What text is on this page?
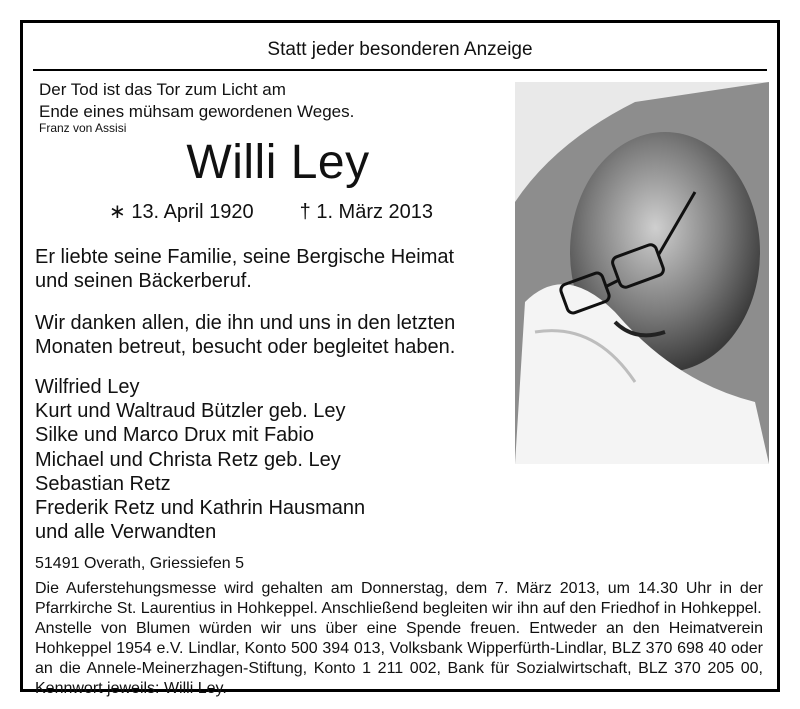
Statt jeder besonderen Anzeige
Der Tod ist das Tor zum Licht am
Ende eines mühsam gewordenen Weges.
Franz von Assisi
Willi Ley
∗ 13. April 1920 † 1. März 2013
Er liebte seine Familie, seine Bergische Heimat
und seinen Bäckerberuf.
Wir danken allen, die ihn und uns in den letzten
Monaten betreut, besucht oder begleitet haben.
Wilfried Ley
Kurt und Waltraud Bützler geb. Ley
Silke und Marco Drux mit Fabio
Michael und Christa Retz geb. Ley
Sebastian Retz
Frederik Retz und Kathrin Hausmann
und alle Verwandten
51491 Overath, Griessiefen 5
Die Auferstehungsmesse wird gehalten am Donnerstag, dem 7. März 2013, um 14.30 Uhr in der Pfarrkirche St. Laurentius in Hohkeppel. Anschließend begleiten wir ihn auf den Friedhof in Hohkeppel.
Anstelle von Blumen würden wir uns über eine Spende freuen. Entweder an den Heimatverein Hohkeppel 1954 e.V. Lindlar, Konto 500 394 013, Volksbank Wipperfürth-Lindlar, BLZ 370 698 40 oder an die Annele-Meinerzhagen-Stiftung, Konto 1 211 002, Bank für Sozialwirtschaft, BLZ 370 205 00, Kennwort jeweils: Willi Ley.
